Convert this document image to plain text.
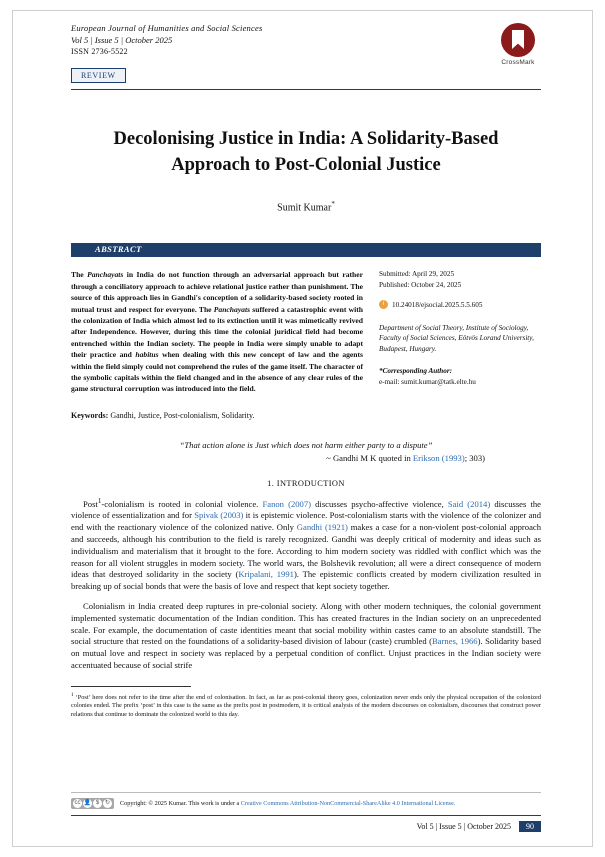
European Journal of Humanities and Social Sciences

Vol 5 | Issue 5 | October 2025

ISSN 2736-5522

CrossMark
REVIEW
Decolonising Justice in India: A Solidarity-Based Approach to Post-Colonial Justice
Sumit Kumar*
ABSTRACT

The Panchayats in India do not function through an adversarial approach but rather through a conciliatory approach to achieve relational justice rather than punishment. The source of this approach lies in Gandhi's conception of a solidarity-based society rooted in mutual trust and respect for everyone. The Panchayats suffered a catastrophic event with the colonization of India which almost led to its extinction until it was mimetically revived after Independence. However, during this time the colonial juridical field had become entrenched within the Indian society. The people in India were simply unable to adapt their practice and habitus when dealing with this new concept of law and the agents within the field simply could not comprehend the rules of the game itself. The character of the symbolic capitals within the field changed and in the absence of any clear rules of the game structural corruption was introduced into the field.

Keywords: Gandhi, Justice, Post-colonialism, Solidarity.

Submitted: April 29, 2025

Published: October 24, 2025

i	10.24018/ejsocial.2025.5.5.605

Department of Social Theory, Institute of Sociology, Faculty of Social Sciences, Eötvös Lorand University, Budapest, Hungary.

*Corresponding Author:
e-mail: sumit.kumar@tatk.elte.hu
“That action alone is Just which does not harm either party to a dispute”
~ Gandhi M K quoted in Erikson (1993); 303)
1. INTRODUCTION

Post$^1$-colonialism is rooted in colonial violence. Fanon (2007) discusses psycho-affective violence, Said (2014) discusses the violence of essentialization and for Spivak (2003) it is epistemic violence. Post-colonialism starts with the violence of the colonizer and end with the reactionary violence of the colonized native. Only Gandhi (1921) makes a case for a non-violent post-colonial approach and succeeds, although his contribution to the field is rarely recognized. Gandhi was deeply critical of modernity and ideas such as individualism and materialism that it brought to the fore. According to him modern society was riddled with conflict which was the reason for all violent struggles in modern society. The world wars, the Bolshevik revolution; all were a direct consequence of modern ideas that destroyed solidarity in the society (Kripalani, 1991). The epistemic conflicts created by modern civilization resulted in breaking up of social bonds that were the basis of love and respect that kept society together.

Colonialism in India created deep ruptures in pre-colonial society. Along with other modern techniques, the colonial government implemented systematic documentation of the Indian condition. This has created fractures in the Indian society on an unprecedented scale. For example, the documentation of caste identities meant that social mobility within castes came to an absolute standstill. The social structure that rested on the foundations of a solidarity-based division of labour (caste) crumbled (Barnes, 1966). Solidarity based on mutual love and respect in society was replaced by a perpetual condition of conflict. Unjust practices in the Indian society were accentuated because of social strife

$^1$ ‘Post’ here does not refer to the time after the end of colonisation. In fact, as far as post-colonial theory goes, colonization never ends only the physical occupation of the colonized colonies ended. The prefix ‘post’ in this case is the same as the prefix post in postmodern, it is critical analysis of the modern discourses on colonialism, discourses that construct power relations that continue to dominate the colonized world to this day.
cc 👤 $ ↻	Copyright: © 2025 Kumar. This work is under a Creative Commons Attribution-NonCommercial-ShareAlike 4.0 International License.
Vol 5 | Issue 5 | October 2025	90
